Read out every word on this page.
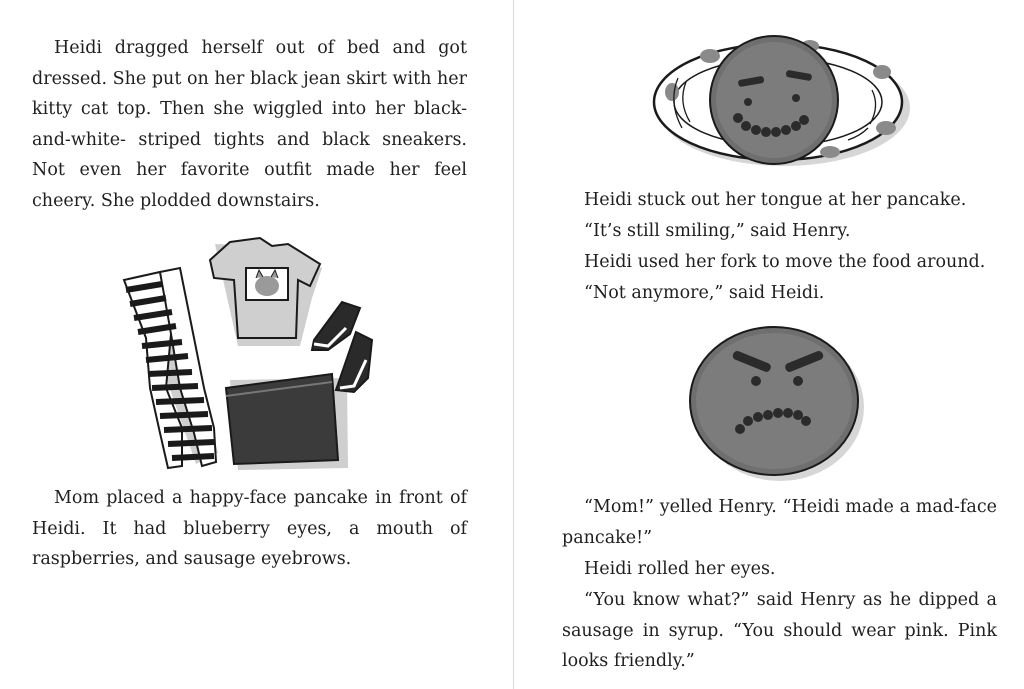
Heidi dragged herself out of bed and got dressed. She put on her black jean skirt with her kitty cat top. Then she wiggled into her black-and-white- striped tights and black sneakers. Not even her favorite outfit made her feel cheery. She plodded downstairs.

Mom placed a happy-face pancake in front of Heidi. It had blueberry eyes, a mouth of raspberries, and sausage eyebrows.

Heidi stuck out her tongue at her pancake.
“It’s still smiling,” said Henry.
Heidi used her fork to move the food around.
“Not anymore,” said Heidi.

“Mom!” yelled Henry. “Heidi made a mad-face pancake!”

Heidi rolled her eyes.

“You know what?” said Henry as he dipped a sausage in syrup. “You should wear pink. Pink looks friendly.”
